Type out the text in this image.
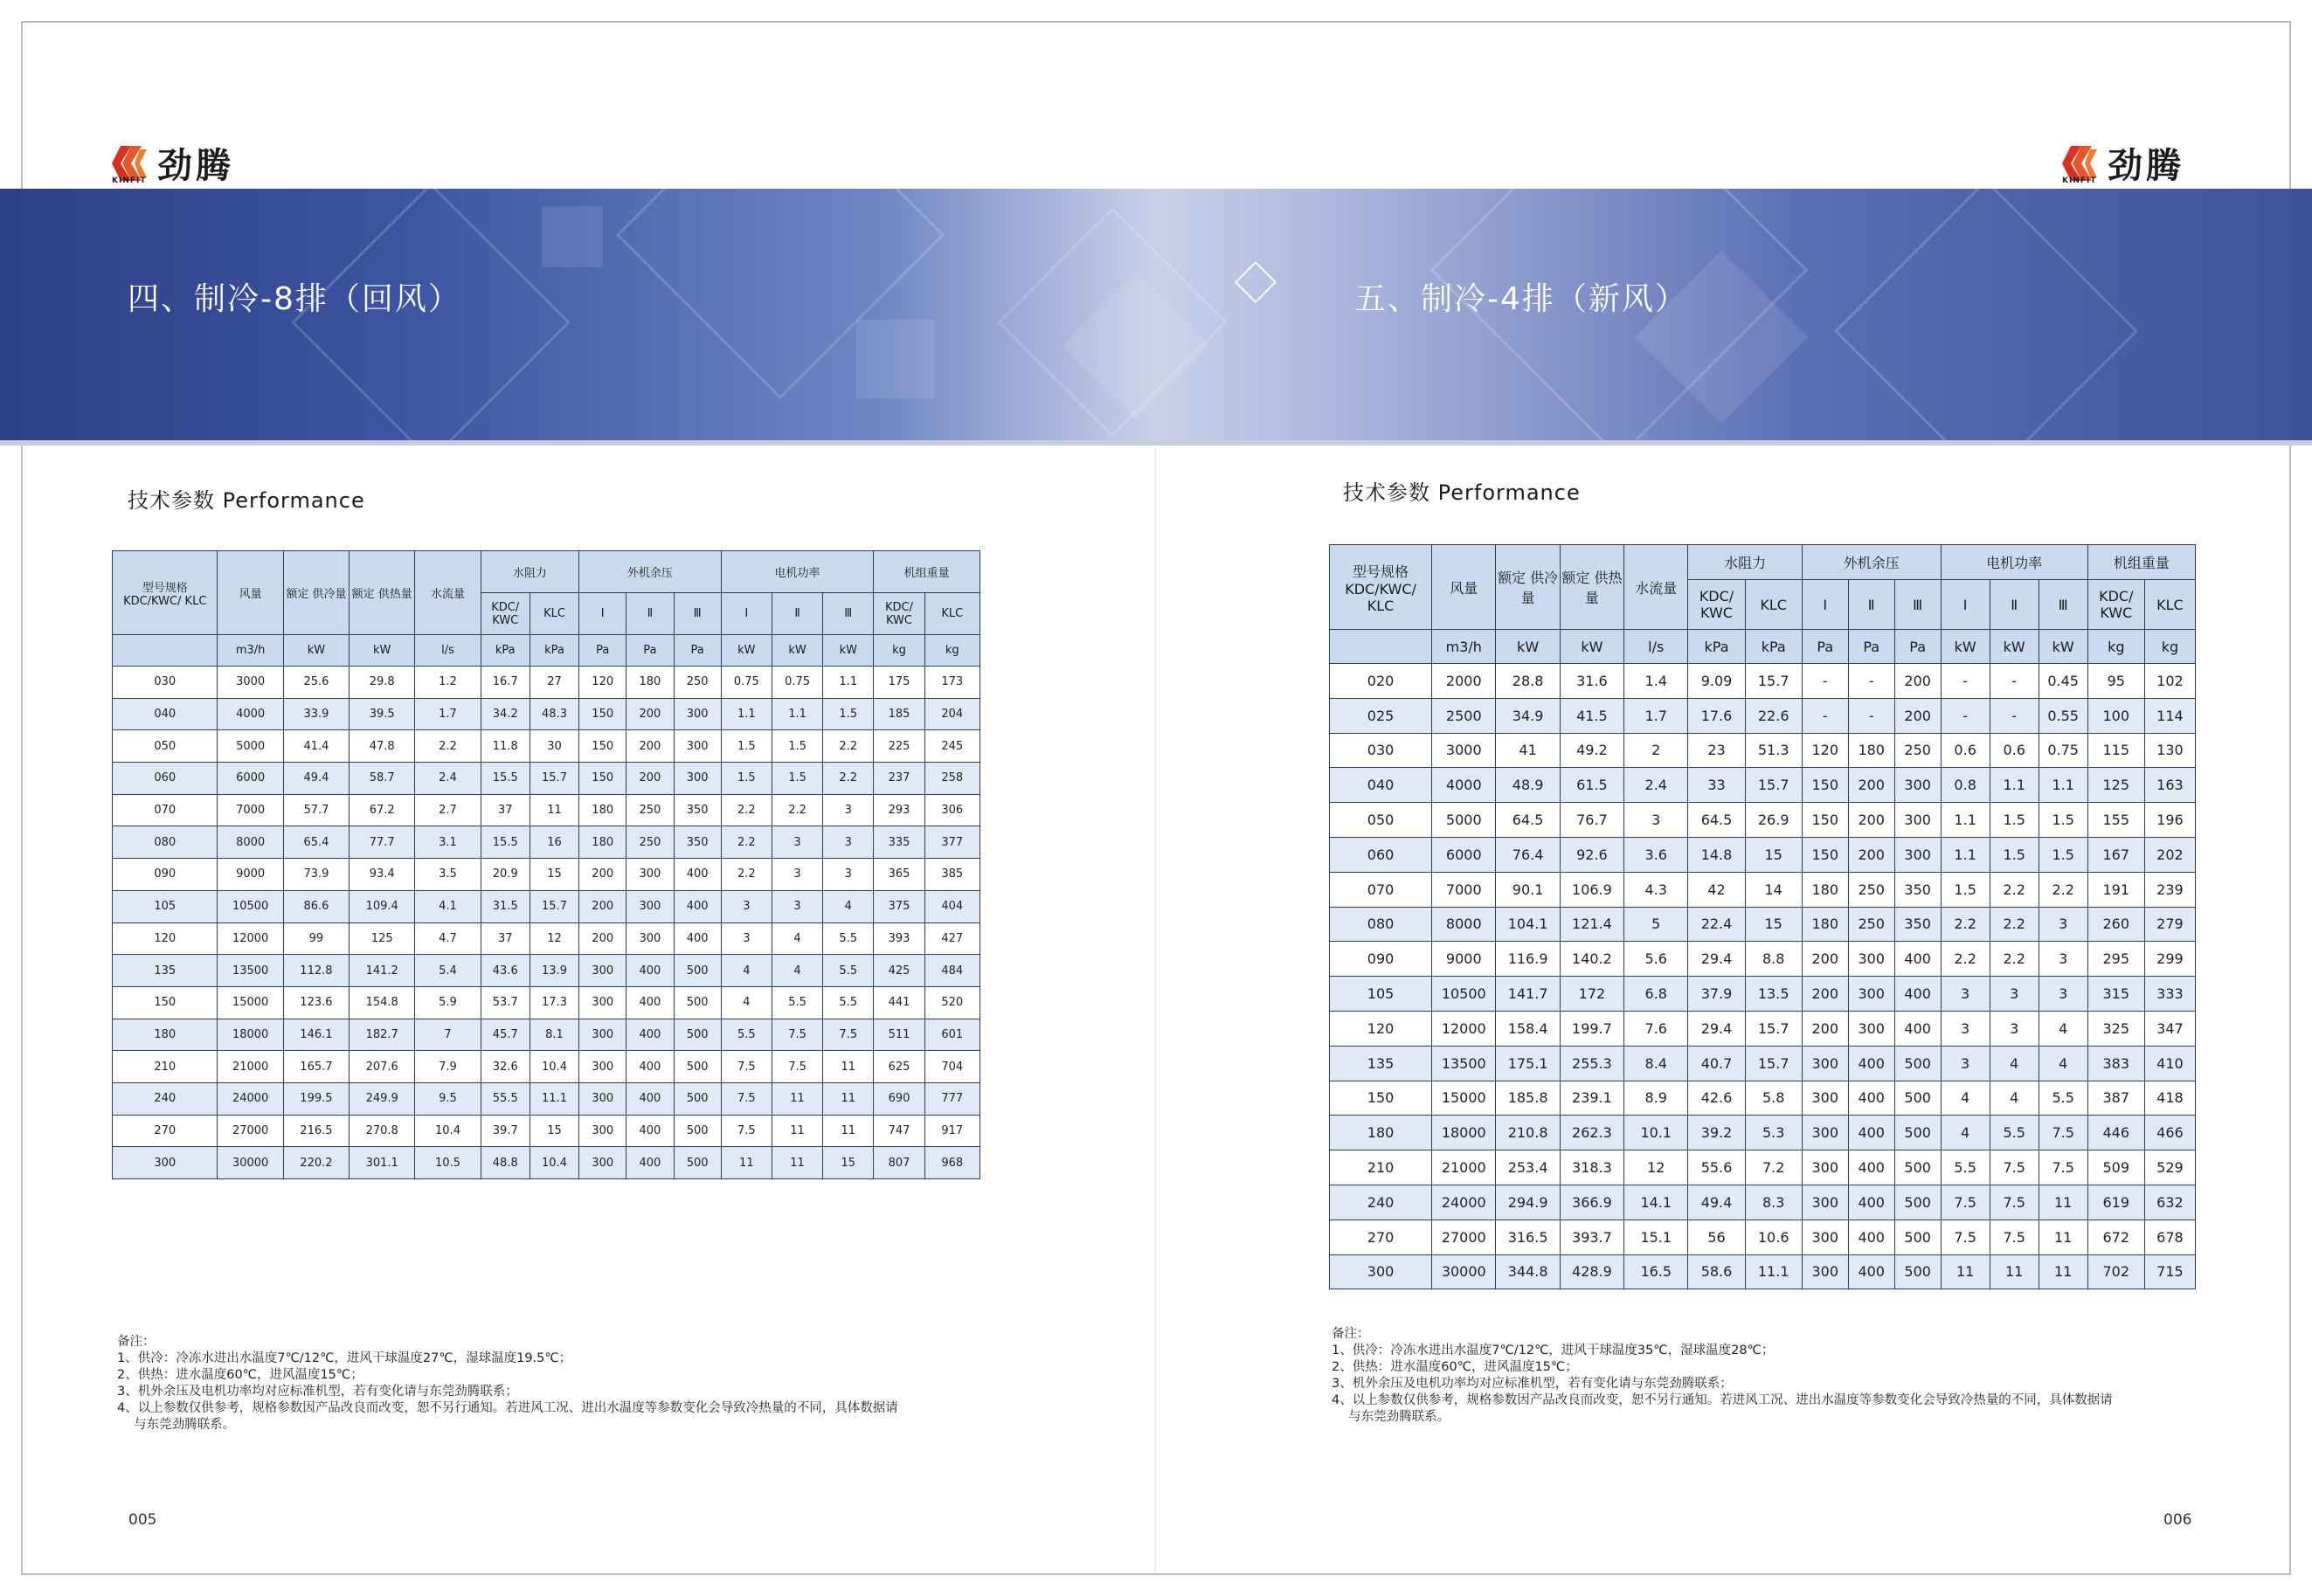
劲腾
KINFIT	劲腾
KINFIT
四、制冷-8排（回风）	五、制冷-4排（新风）
技术参数 Performance	技术参数 Performance
型号规格 KDC/KWC/ KLC	风量	额定 供冷量	额定 供热量	水流量	水阻力		外机余压			电机功率			机组重量	
					KDC/ KWC	KLC	Ⅰ	Ⅱ	Ⅲ	Ⅰ	Ⅱ	Ⅲ	KDC/ KWC	KLC
	m3/h	kW	kW	l/s	kPa	kPa	Pa	Pa	Pa	kW	kW	kW	kg	kg
030	3000	25.6	29.8	1.2	16.7	27	120	180	250	0.75	0.75	1.1	175	173
040	4000	33.9	39.5	1.7	34.2	48.3	150	200	300	1.1	1.1	1.5	185	204
050	5000	41.4	47.8	2.2	11.8	30	150	200	300	1.5	1.5	2.2	225	245
060	6000	49.4	58.7	2.4	15.5	15.7	150	200	300	1.5	1.5	2.2	237	258
070	7000	57.7	67.2	2.7	37	11	180	250	350	2.2	2.2	3	293	306
080	8000	65.4	77.7	3.1	15.5	16	180	250	350	2.2	3	3	335	377
090	9000	73.9	93.4	3.5	20.9	15	200	300	400	2.2	3	3	365	385
105	10500	86.6	109.4	4.1	31.5	15.7	200	300	400	3	3	4	375	404
120	12000	99	125	4.7	37	12	200	300	400	3	4	5.5	393	427
135	13500	112.8	141.2	5.4	43.6	13.9	300	400	500	4	4	5.5	425	484
150	15000	123.6	154.8	5.9	53.7	17.3	300	400	500	4	5.5	5.5	441	520
180	18000	146.1	182.7	7	45.7	8.1	300	400	500	5.5	7.5	7.5	511	601
210	21000	165.7	207.6	7.9	32.6	10.4	300	400	500	7.5	7.5	11	625	704
240	24000	199.5	249.9	9.5	55.5	11.1	300	400	500	7.5	11	11	690	777
270	27000	216.5	270.8	10.4	39.7	15	300	400	500	7.5	11	11	747	917
300	30000	220.2	301.1	10.5	48.8	10.4	300	400	500	11	11	15	807	968
型号规格 KDC/KWC/ KLC	风量	额定 供冷量	额定 供热量	水流量	水阻力		外机余压			电机功率			机组重量	
					KDC/ KWC	KLC	Ⅰ	Ⅱ	Ⅲ	Ⅰ	Ⅱ	Ⅲ	KDC/ KWC	KLC
	m3/h	kW	kW	l/s	kPa	kPa	Pa	Pa	Pa	kW	kW	kW	kg	kg
020	2000	28.8	31.6	1.4	9.09	15.7	-	-	200	-	-	0.45	95	102
025	2500	34.9	41.5	1.7	17.6	22.6	-	-	200	-	-	0.55	100	114
030	3000	41	49.2	2	23	51.3	120	180	250	0.6	0.6	0.75	115	130
040	4000	48.9	61.5	2.4	33	15.7	150	200	300	0.8	1.1	1.1	125	163
050	5000	64.5	76.7	3	64.5	26.9	150	200	300	1.1	1.5	1.5	155	196
060	6000	76.4	92.6	3.6	14.8	15	150	200	300	1.1	1.5	1.5	167	202
070	7000	90.1	106.9	4.3	42	14	180	250	350	1.5	2.2	2.2	191	239
080	8000	104.1	121.4	5	22.4	15	180	250	350	2.2	2.2	3	260	279
090	9000	116.9	140.2	5.6	29.4	8.8	200	300	400	2.2	2.2	3	295	299
105	10500	141.7	172	6.8	37.9	13.5	200	300	400	3	3	3	315	333
120	12000	158.4	199.7	7.6	29.4	15.7	200	300	400	3	3	4	325	347
135	13500	175.1	255.3	8.4	40.7	15.7	300	400	500	3	4	4	383	410
150	15000	185.8	239.1	8.9	42.6	5.8	300	400	500	4	4	5.5	387	418
180	18000	210.8	262.3	10.1	39.2	5.3	300	400	500	4	5.5	7.5	446	466
210	21000	253.4	318.3	12	55.6	7.2	300	400	500	5.5	7.5	7.5	509	529
240	24000	294.9	366.9	14.1	49.4	8.3	300	400	500	7.5	7.5	11	619	632
270	27000	316.5	393.7	15.1	56	10.6	300	400	500	7.5	7.5	11	672	678
300	30000	344.8	428.9	16.5	58.6	11.1	300	400	500	11	11	11	702	715
备注：
1、供冷：冷冻水进出水温度7℃/12℃，进风干球温度27℃，湿球温度19.5℃；
2、供热：进水温度60℃，进风温度15℃；
3、机外余压及电机功率均对应标准机型，若有变化请与东莞劲腾联系；
4、以上参数仅供参考，规格参数因产品改良而改变，恕不另行通知。若进风工况、进出水温度等参数变化会导致冷热量的不同，具体数据请
　 与东莞劲腾联系。
备注：
1、供冷：冷冻水进出水温度7℃/12℃，进风干球温度35℃，湿球温度28℃；
2、供热：进水温度60℃，进风温度15℃；
3、机外余压及电机功率均对应标准机型，若有变化请与东莞劲腾联系；
4、以上参数仅供参考，规格参数因产品改良而改变，恕不另行通知。若进风工况、进出水温度等参数变化会导致冷热量的不同，具体数据请
　 与东莞劲腾联系。
005	006
